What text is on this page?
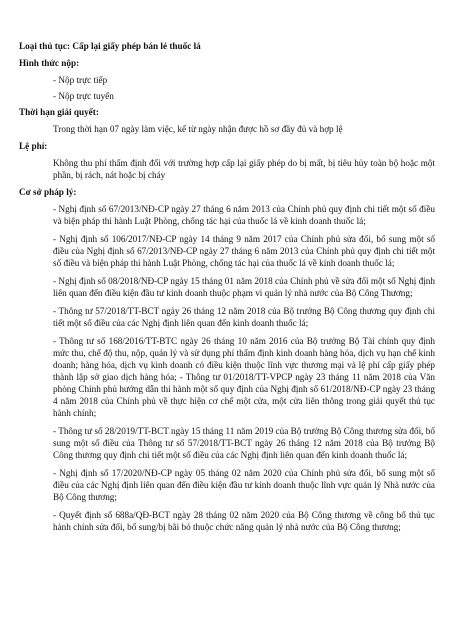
Loại thủ tục: Cấp lại giấy phép bán lẻ thuốc lá
Hình thức nộp:
- Nộp trực tiếp
- Nộp trực tuyến
Thời hạn giải quyết:
Trong thời hạn 07 ngày làm việc, kể từ ngày nhận được hồ sơ đầy đủ và hợp lệ
Lệ phí:
Không thu phí thẩm định đối với trường hợp cấp lại giấy phép do bị mất, bị tiêu hủy toàn bộ hoặc một phần, bị rách, nát hoặc bị cháy
Cơ sở pháp lý:
- Nghị định số 67/2013/NĐ-CP ngày 27 tháng 6 năm 2013 của Chính phủ quy định chi tiết một số điều và biện pháp thi hành Luật Phòng, chống tác hại của thuốc lá về kinh doanh thuốc lá;
- Nghị định số 106/2017/NĐ-CP ngày 14 tháng 9 năm 2017 của Chính phủ sửa đổi, bổ sung một số điều của Nghị định số 67/2013/NĐ-CP ngày 27 tháng 6 năm 2013 của Chính phủ quy định chi tiết một số điều và biện pháp thi hành Luật Phòng, chống tác hại của thuốc lá về kinh doanh thuốc lá;
- Nghị định số 08/2018/NĐ-CP ngày 15 tháng 01 năm 2018 của Chính phủ về sửa đổi một số Nghị định liên quan đến điều kiện đầu tư kinh doanh thuộc phạm vi quản lý nhà nước của Bộ Công Thương;
- Thông tư 57/2018/TT-BCT ngày 26 tháng 12 năm 2018 của Bộ trưởng Bộ Công thương quy định chi tiết một số điều của các Nghị định liên quan đến kinh doanh thuốc lá;
- Thông tư số 168/2016/TT-BTC ngày 26 tháng 10 năm 2016 của Bộ trưởng Bộ Tài chính quy định mức thu, chế độ thu, nộp, quản lý và sử dụng phí thẩm định kinh doanh hàng hóa, dịch vụ hạn chế kinh doanh; hàng hóa, dịch vụ kinh doanh có điều kiện thuộc lĩnh vực thương mại và lệ phí cấp giấy phép thành lập sở giao dịch hàng hóa; - Thông tư 01/2018/TT-VPCP ngày 23 tháng 11 năm 2018 của Văn phòng Chính phủ hướng dẫn thi hành một số quy định của Nghị định số 61/2018/NĐ-CP ngày 23 tháng 4 năm 2018 của Chính phủ về thực hiện cơ chế một cửa, một cửa liên thông trong giải quyết thủ tục hành chính;
- Thông tư số 28/2019/TT-BCT ngày 15 tháng 11 năm 2019 của Bộ trưởng Bộ Công thương sửa đổi, bổ sung một số điều của Thông tư số 57/2018/TT-BCT ngày 26 tháng 12 năm 2018 của Bộ trưởng Bộ Công thương quy định chi tiết một số điều của các Nghị định liên quan đến kinh doanh thuốc lá;
- Nghị định số 17/2020/NĐ-CP ngày 05 tháng 02 năm 2020 của Chính phủ sửa đổi, bổ sung một số điều của các Nghị định liên quan đến điều kiện đầu tư kinh doanh thuộc lĩnh vực quản lý Nhà nước của Bộ Công thương;
- Quyết định số 688a/QĐ-BCT ngày 28 tháng 02 năm 2020 của Bộ Công thương về công bố thủ tục hành chính sửa đổi, bổ sung/bị bãi bỏ thuộc chức năng quản lý nhà nước của Bộ Công thương;
